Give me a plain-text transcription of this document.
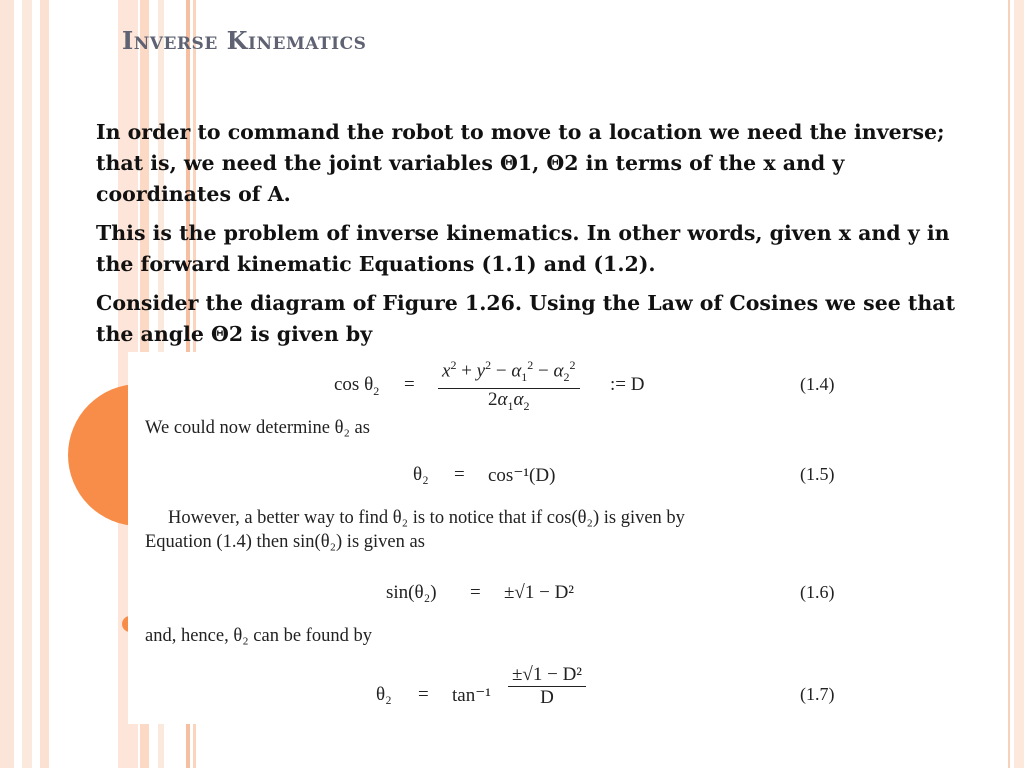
Inverse Kinematics
In order to command the robot to move to a location we need the inverse; that is, we need the joint variables Θ1, Θ2 in terms of the x and y coordinates of A.
This is the problem of inverse kinematics. In other words, given x and y in the forward kinematic Equations (1.1) and (1.2).
Consider the diagram of Figure 1.26. Using the Law of Cosines we see that the angle Θ2 is given by
$\cos \theta_2 = \frac{x^2 + y^2 - \alpha_1^2 - \alpha_2^2}{2\alpha_1\alpha_2}$ := D	(1.4)
We could now determine θ₂ as
θ₂ = cos⁻¹(D)	(1.5)
However, a better way to find θ₂ is to notice that if cos(θ₂) is given by
Equation (1.4) then sin(θ₂) is given as
sin(θ₂) = ±√1 − D²	(1.6)
and, hence, θ₂ can be found by
$\theta_2 = \tan^{-1} \frac{\text{±√1 − D²}}{D}$	(1.7)
